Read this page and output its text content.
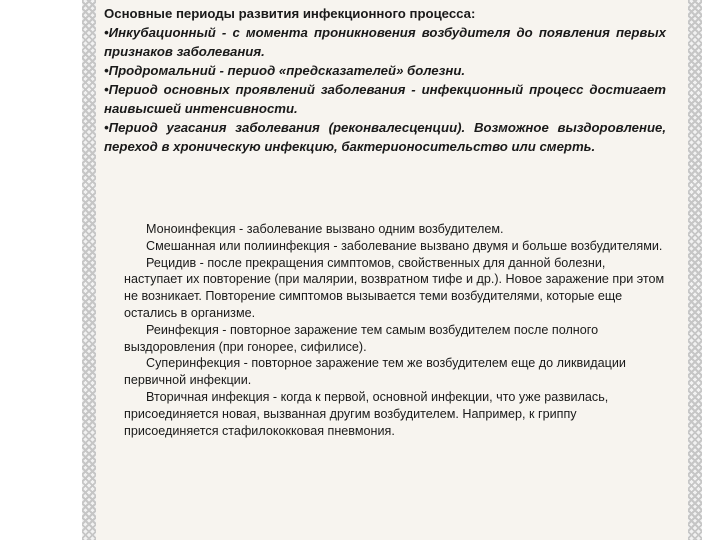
Основные периоды развития инфекционного процесса:
•Инкубационный - с момента проникновения возбудителя до появления первых признаков заболевания.
•Продромальний - период «предсказателей» болезни.
•Период основных проявлений заболевания - инфекционный процесс достигает наивысшей интенсивности.
•Период угасания заболевания (реконвалесценции). Возможное выздоровление, переход в хроническую инфекцию, бактерионосительство или смерть.
Моноинфекция - заболевание вызвано одним возбудителем.
Смешанная или полиинфекция - заболевание вызвано двумя и больше возбудителями.
Рецидив - после прекращения симптомов, свойственных для данной болезни, наступает их повторение (при малярии, возвратном тифе и др.). Новое заражение при этом не возникает. Повторение симптомов вызывается теми возбудителями, которые еще остались в организме.
Реинфекция - повторное заражение тем самым возбудителем после полного выздоровления (при гонорее, сифилисе).
Суперинфекция - повторное заражение тем же возбудителем еще до ликвидации первичной инфекции.
Вторичная инфекция - когда к первой, основной инфекции, что уже развилась, присоединяется новая, вызванная другим возбудителем. Например, к гриппу присоединяется стафилококковая пневмония.
